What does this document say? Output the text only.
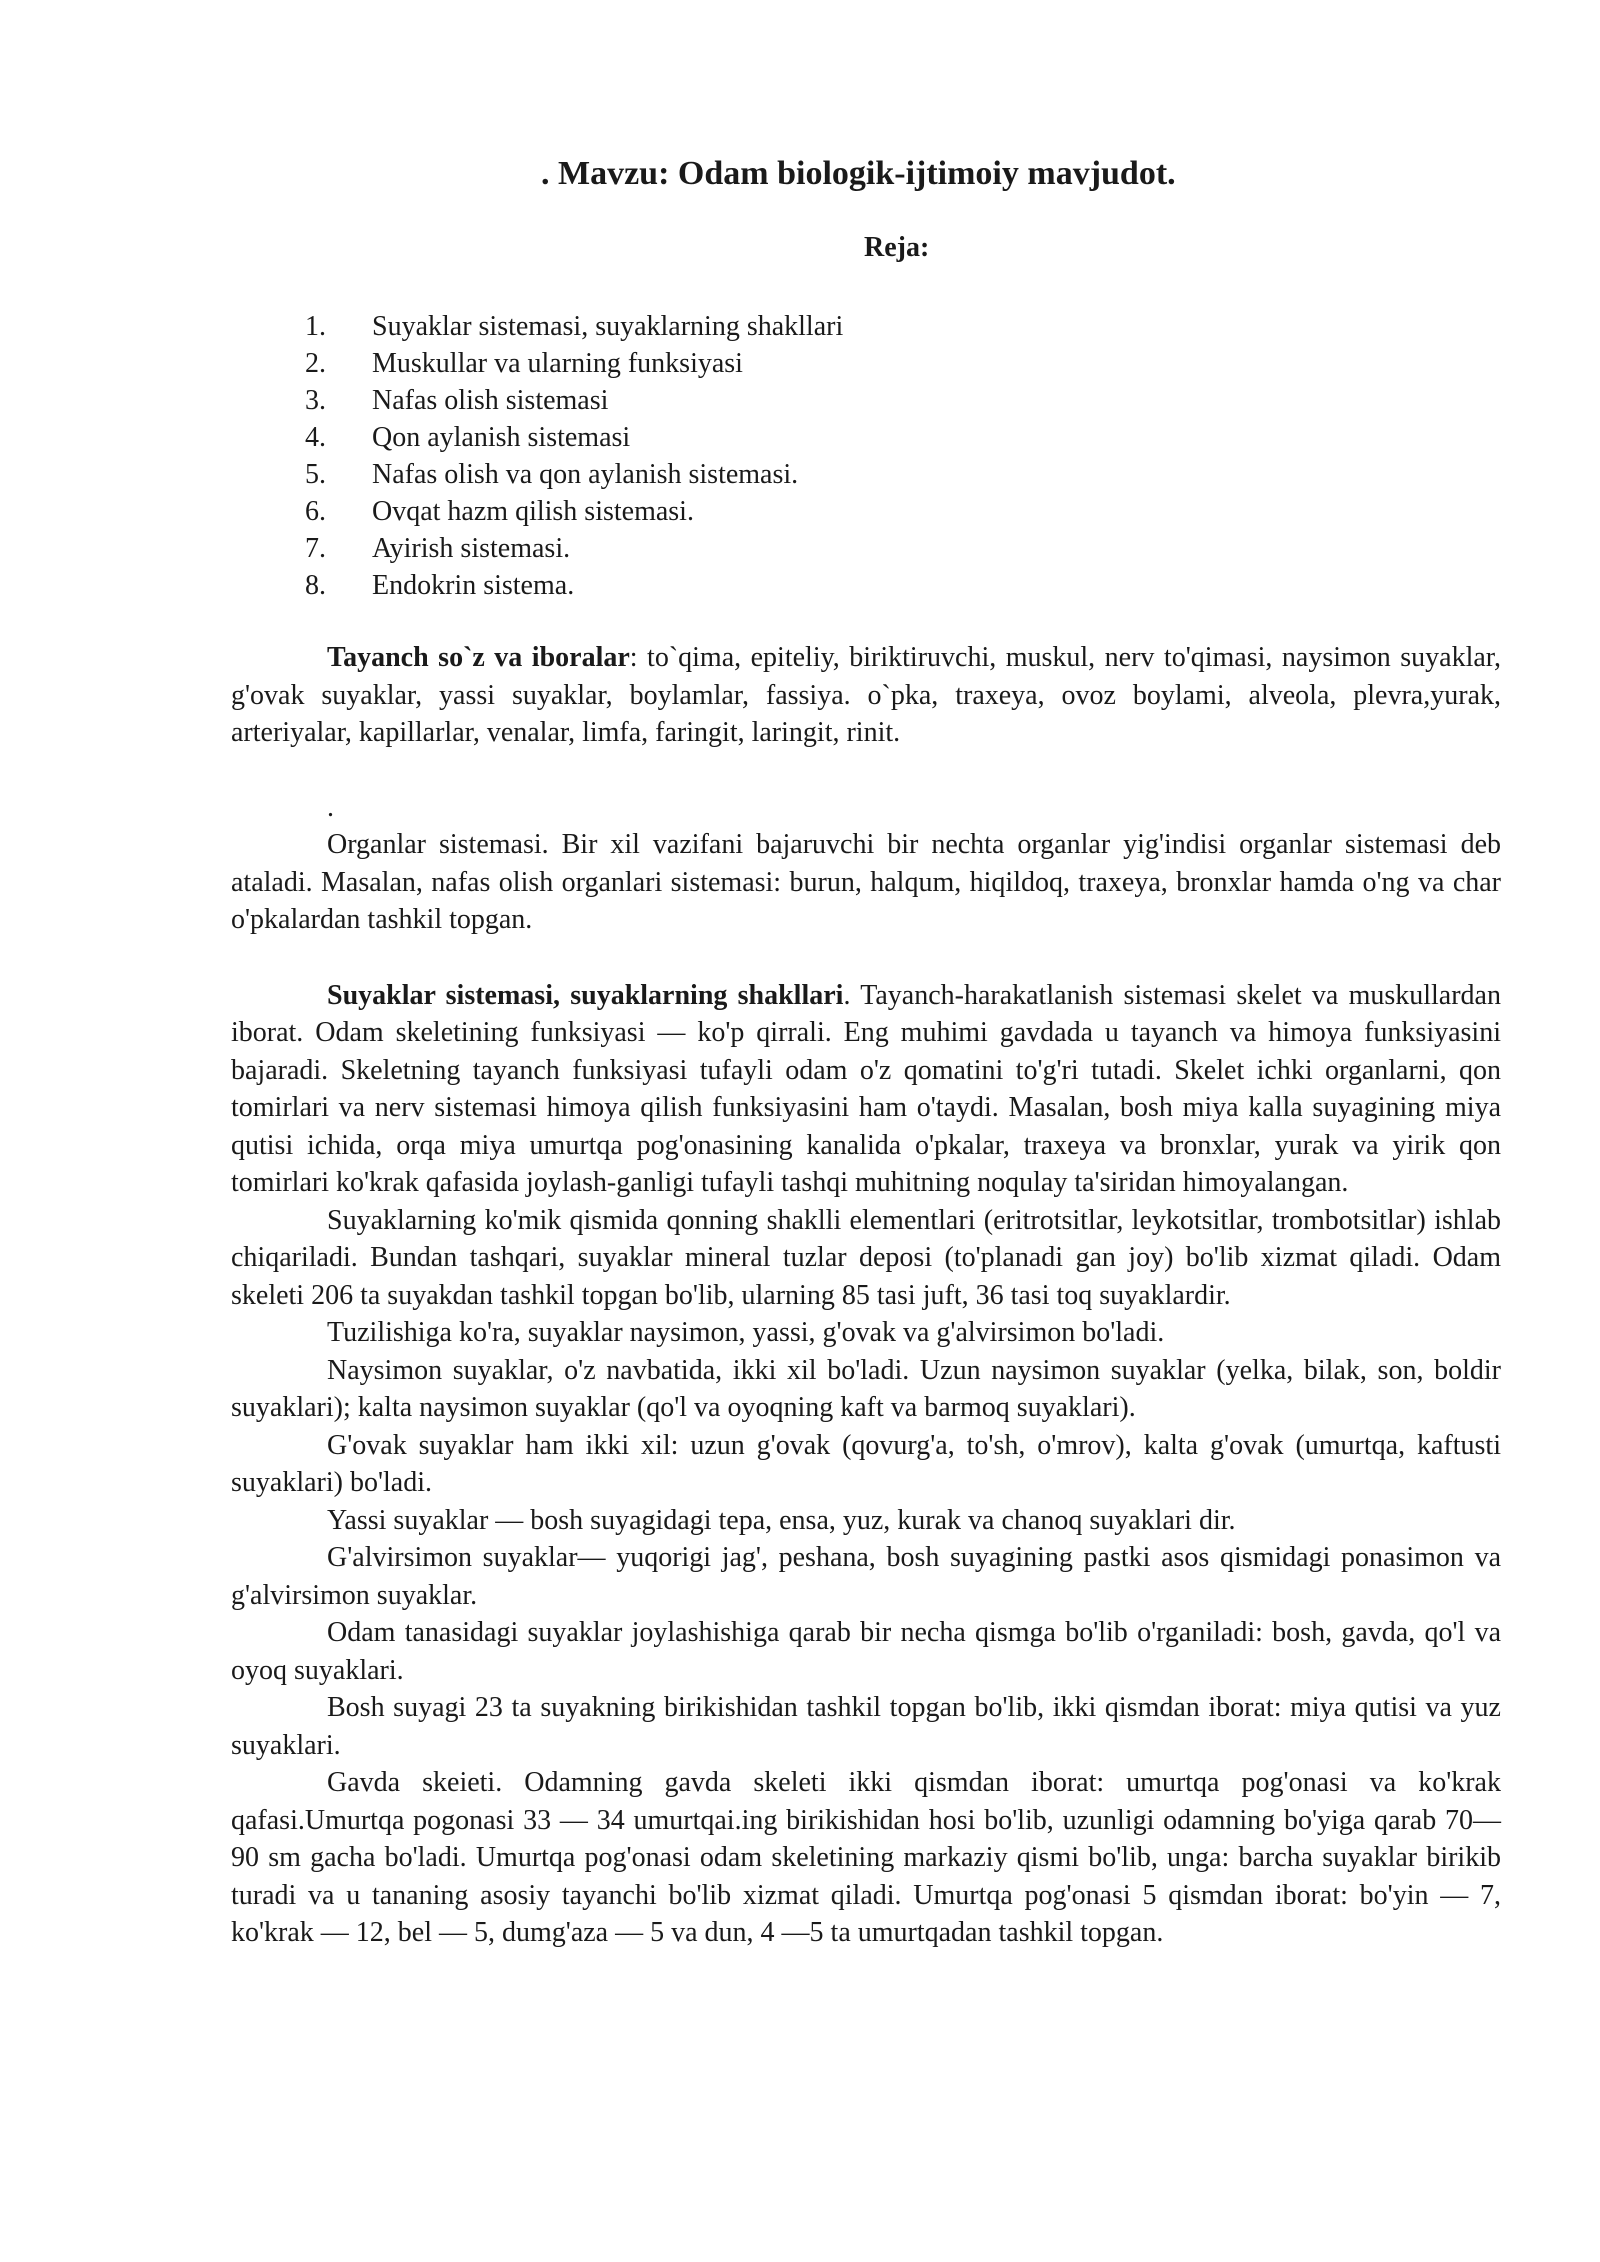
. Mavzu: Odam biologik-ijtimoiy mavjudot.
Reja:
1. Suyaklar sistemasi, suyaklarning shakllari
2. Muskullar va ularning funksiyasi
3. Nafas olish sistemasi
4. Qon aylanish sistemasi
5. Nafas olish va qon aylanish sistemasi.
6. Ovqat hazm qilish sistemasi.
7. Ayirish sistemasi.
8. Endokrin sistema.

Tayanch so`z va iboralar: to`qima, epiteliy, biriktiruvchi, muskul, nerv to'qimasi, naysimon suyaklar, g'ovak suyaklar, yassi suyaklar, boylamlar, fassiya. o`pka, traxeya, ovoz boylami, alveola, plevra,yurak, arteriyalar, kapillarlar, venalar, limfa, faringit, laringit, rinit.

.

Organlar sistemasi. Bir xil vazifani bajaruvchi bir nechta organlar yig'indisi organlar sistemasi deb ataladi. Masalan, nafas olish organlari sistemasi: burun, halqum, hiqildoq, traxeya, bronxlar hamda o'ng va char o'pkalardan tashkil topgan.

Suyaklar sistemasi, suyaklarning shakllari. Tayanch-harakatlanish sistemasi skelet va muskullardan iborat. Odam skeletining funksiyasi — ko'p qirrali. Eng muhimi gavdada u tayanch va himoya funksiyasini bajaradi. Skeletning tayanch funksiyasi tufayli odam o'z qomatini to'g'ri tutadi. Skelet ichki organlarni, qon tomirlari va nerv sistemasi himoya qilish funksiyasini ham o'taydi. Masalan, bosh miya kalla suyagining miya qutisi ichida, orqa miya umurtqa pog'onasining kanalida o'pkalar, traxeya va bronxlar, yurak va yirik qon tomirlari ko'krak qafasida joylash-ganligi tufayli tashqi muhitning noqulay ta'siridan himoyalangan.

Suyaklarning ko'mik qismida qonning shaklli elementlari (eritrotsitlar, leykotsitlar, trombotsitlar) ishlab chiqariladi. Bundan tashqari, suyaklar mineral tuzlar deposi (to'planadi gan joy) bo'lib xizmat qiladi. Odam skeleti 206 ta suyakdan tashkil topgan bo'lib, ularning 85 tasi juft, 36 tasi toq suyaklardir.

Tuzilishiga ko'ra, suyaklar naysimon, yassi, g'ovak va g'alvirsimon bo'ladi.

Naysimon suyaklar, o'z navbatida, ikki xil bo'ladi. Uzun naysimon suyaklar (yelka, bilak, son, boldir suyaklari); kalta naysimon suyaklar (qo'l va oyoqning kaft va barmoq suyaklari).

G'ovak suyaklar ham ikki xil: uzun g'ovak (qovurg'a, to'sh, o'mrov), kalta g'ovak (umurtqa, kaftusti suyaklari) bo'ladi.

Yassi suyaklar — bosh suyagidagi tepa, ensa, yuz, kurak va chanoq suyaklari dir.

G'alvirsimon suyaklar— yuqorigi jag', peshana, bosh suyagining pastki asos qismidagi ponasimon va g'alvirsimon suyaklar.

Odam tanasidagi suyaklar joylashishiga qarab bir necha qismga bo'lib o'rganiladi: bosh, gavda, qo'l va oyoq suyaklari.

Bosh suyagi 23 ta suyakning birikishidan tashkil topgan bo'lib, ikki qismdan iborat: miya qutisi va yuz suyaklari.

Gavda skeieti. Odamning gavda skeleti ikki qismdan iborat: umurtqa pog'onasi va ko'krak qafasi.Umurtqa pogonasi 33 — 34 umurtqai.ing birikishidan hosi bo'lib, uzunligi odamning bo'yiga qarab 70—90 sm gacha bo'ladi. Umurtqa pog'onasi odam skeletining markaziy qismi bo'lib, unga: barcha suyaklar birikib turadi va u tananing asosiy tayanchi bo'lib xizmat qiladi. Umurtqa pog'onasi 5 qismdan iborat: bo'yin — 7, ko'krak — 12, bel — 5, dumg'aza — 5 va dun, 4 —5 ta umurtqadan tashkil topgan.
